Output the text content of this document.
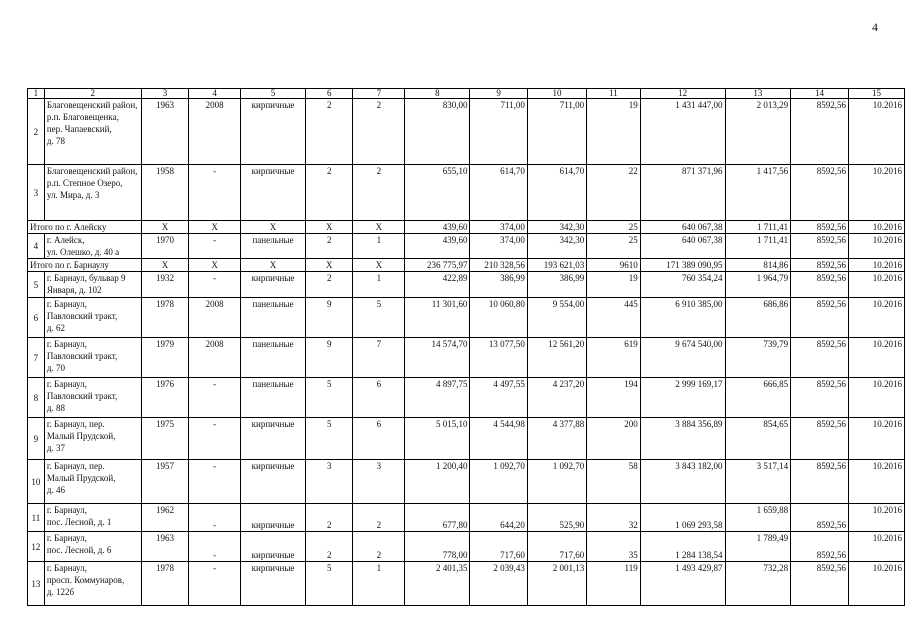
4
1	2	3	4	5	6	7	8	9	10	11	12	13	14	15
2	Благовещенский район,
р.п. Благовещенка,
пер. Чапаевский,
д. 78	1963	2008	кирпичные	2	2	830,00	711,00	711,00	19	1 431 447,00	2 013,29	8592,56	10.2016
3	Благовещенский район,
р.п. Степное Озеро,
ул. Мира, д. 3	1958	-	кирпичные	2	2	655,10	614,70	614,70	22	871 371,96	1 417,56	8592,56	10.2016
Итого по г. Алейску		X	X	X	X	X	439,60	374,00	342,30	25	640 067,38	1 711,41	8592,56	10.2016
4	г. Алейск,
ул. Олешко, д. 40 а	1970	-	панельные	2	1	439,60	374,00	342,30	25	640 067,38	1 711,41	8592,56	10.2016
Итого по г. Барнаулу		X	X	X	X	X	236 775,97	210 328,56	193 621,03	9610	171 389 090,95	814,86	8592,56	10.2016
5	г. Барнаул, бульвар 9
Января, д. 102	1932	-	кирпичные	2	1	422,89	386,99	386,99	19	760 354,24	1 964,79	8592,56	10.2016
6	г. Барнаул,
Павловский тракт,
д. 62	1978	2008	панельные	9	5	11 301,60	10 060,80	9 554,00	445	6 910 385,00	686,86	8592,56	10.2016
7	г. Барнаул,
Павловский тракт,
д. 70	1979	2008	панельные	9	7	14 574,70	13 077,50	12 561,20	619	9 674 540,00	739,79	8592,56	10.2016
8	г. Барнаул,
Павловский тракт,
д. 88	1976	-	панельные	5	6	4 897,75	4 497,55	4 237,20	194	2 999 169,17	666,85	8592,56	10.2016
9	г. Барнаул, пер.
Малый Прудской,
д. 37	1975	-	кирпичные	5	6	5 015,10	4 544,98	4 377,88	200	3 884 356,89	854,65	8592,56	10.2016
10	г. Барнаул, пер.
Малый Прудской,
д. 46	1957	-	кирпичные	3	3	1 200,40	1 092,70	1 092,70	58	3 843 182,00	3 517,14	8592,56	10.2016
11	г. Барнаул,
пос. Лесной, д. 1	1962	-	кирпичные	2	2	677,80	644,20	525,90	32	1 069 293,58	1 659,88	8592,56	10.2016
12	г. Барнаул,
пос. Лесной, д. 6	1963	-	кирпичные	2	2	778,00	717,60	717,60	35	1 284 138,54	1 789,49	8592,56	10.2016
13	г. Барнаул,
просп. Коммунаров,
д. 122б	1978	-	кирпичные	5	1	2 401,35	2 039,43	2 001,13	119	1 493 429,87	732,28	8592,56	10.2016
